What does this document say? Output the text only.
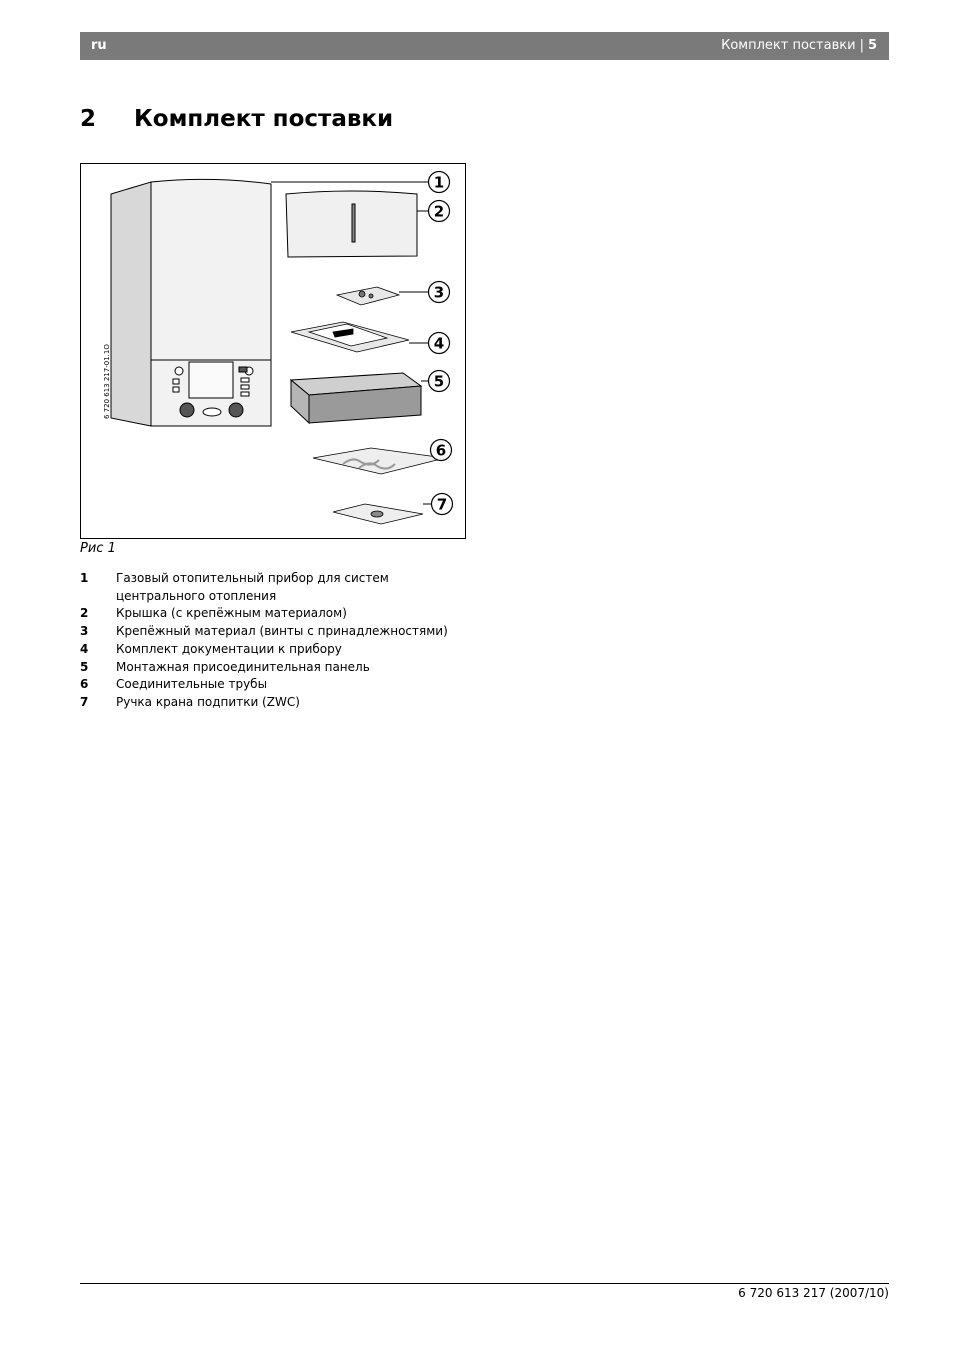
ru	Комплект поставки | 5
2 Комплект поставки
6 720 613 217-01.1O
1
2
3
4
5
6
7
Рис 1
1	Газовый отопительный прибор для систем центрального отопления
2	Крышка (с крепёжным материалом)
3	Крепёжный материал (винты с принадлежностями)
4	Комплект документации к прибору
5	Монтажная присоединительная панель
6	Соединительные трубы
7	Ручка крана подпитки (ZWC)
6 720 613 217 (2007/10)
